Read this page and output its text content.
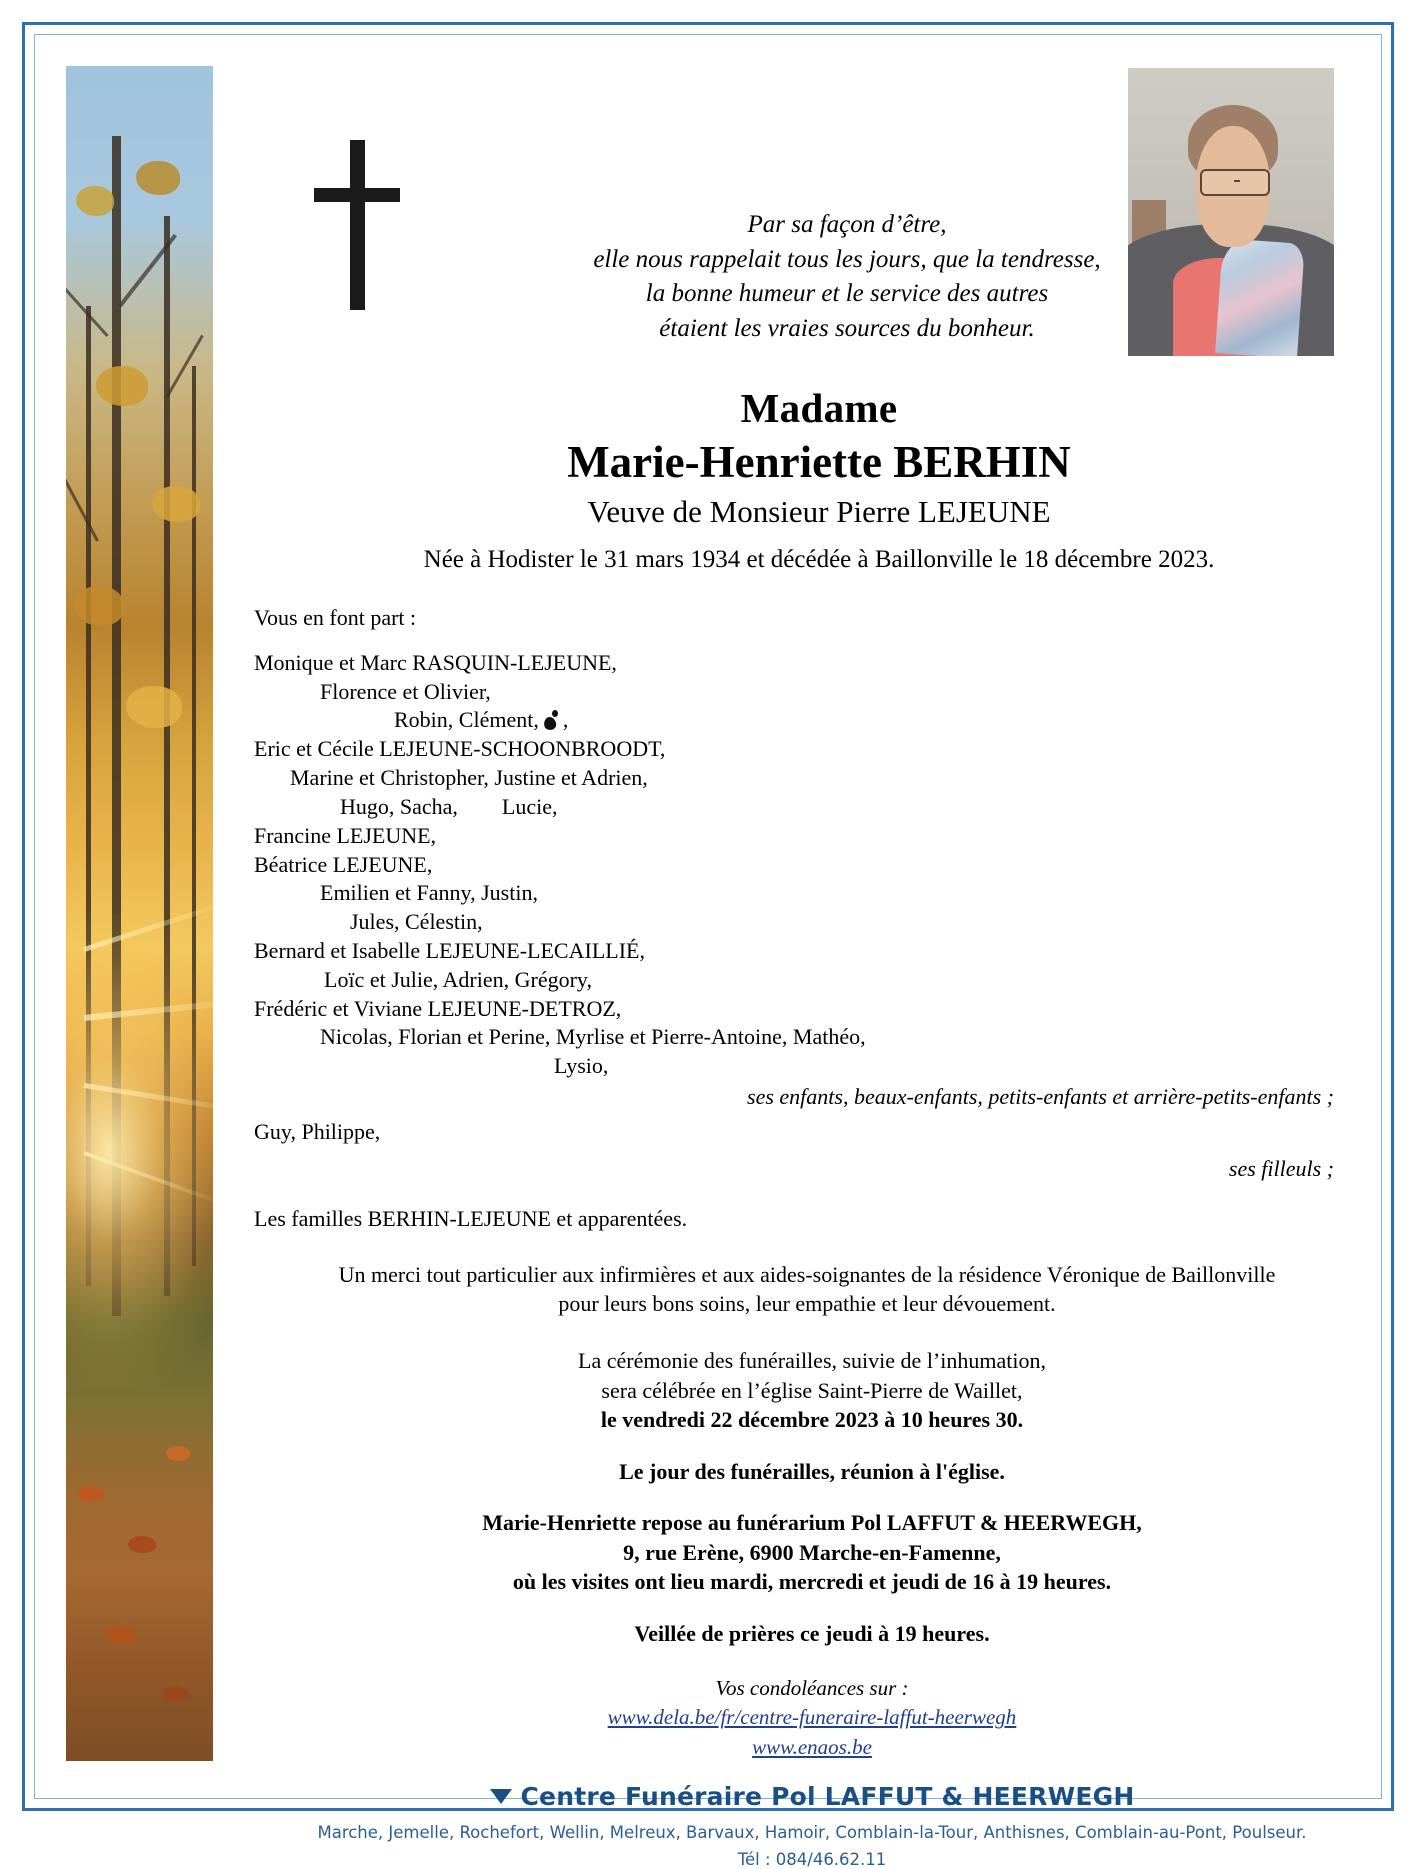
Par sa façon d’être,
elle nous rappelait tous les jours, que la tendresse,
la bonne humeur et le service des autres
étaient les vraies sources du bonheur.
Madame
Marie-Henriette BERHIN
Veuve de Monsieur Pierre LEJEUNE
Née à Hodister le 31 mars 1934 et décédée à Baillonville le 18 décembre 2023.
Vous en font part :
Monique et Marc RASQUIN-LEJEUNE,
Florence et Olivier,
Robin, Clément, ,
Eric et Cécile LEJEUNE-SCHOONBROODT,
Marine et Christopher, Justine et Adrien,
Hugo, Sacha,        Lucie,
Francine LEJEUNE,
Béatrice LEJEUNE,
Emilien et Fanny, Justin,
Jules, Célestin,
Bernard et Isabelle LEJEUNE-LECAILLIÉ,
Loïc et Julie, Adrien, Grégory,
Frédéric et Viviane LEJEUNE-DETROZ,
Nicolas, Florian et Perine, Myrlise et Pierre-Antoine, Mathéo,
Lysio,
ses enfants, beaux-enfants, petits-enfants et arrière-petits-enfants ;
Guy, Philippe,
ses filleuls ;
Les familles BERHIN-LEJEUNE et apparentées.
Un merci tout particulier aux infirmières et aux aides-soignantes de la résidence Véronique de Baillonville
pour leurs bons soins, leur empathie et leur dévouement.
La cérémonie des funérailles, suivie de l’inhumation,
sera célébrée en l’église Saint-Pierre de Waillet,
le vendredi 22 décembre 2023 à 10 heures 30.
Le jour des funérailles, réunion à l'église.
Marie-Henriette repose au funérarium Pol LAFFUT & HEERWEGH,
9, rue Erène, 6900 Marche-en-Famenne,
où les visites ont lieu mardi, mercredi et jeudi de 16 à 19 heures.
Veillée de prières ce jeudi à 19 heures.
Vos condoléances sur :
www.dela.be/fr/centre-funeraire-laffut-heerwegh
www.enaos.be
Centre Funéraire Pol LAFFUT & HEERWEGH
Marche, Jemelle, Rochefort, Wellin, Melreux, Barvaux, Hamoir, Comblain-la-Tour, Anthisnes, Comblain-au-Pont, Poulseur.
Tél : 084/46.62.11
